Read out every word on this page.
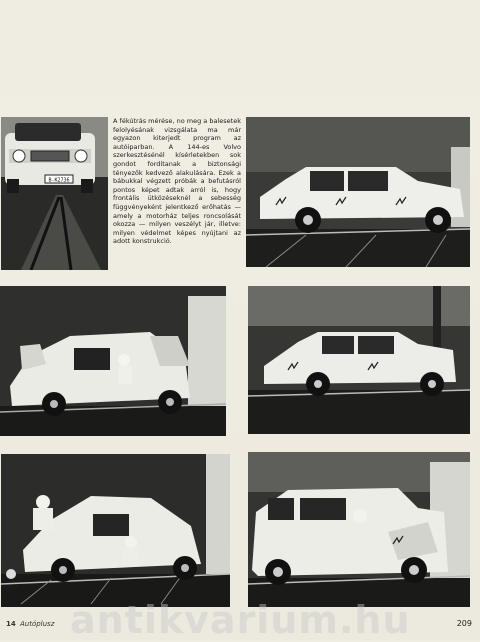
B-K2736

A fékútrás mérése, no meg a balesetek felolyésának vizsgálata ma már egyazon kiterjedt program az autóiparban. A 144-es Volvo szerkesztésénél kísérletekben sok gondot fordítanak a biztonsági tényezők kedvező alakulására. Ezek a bábukkal végzett próbák a befutásról pontos képet adtak arról is, hogy frontális ütközéseknél a sebesség függvényeként jelentkező erőhatás — amely a motorház teljes roncsolását okozza — milyen veszélyt jár, illetve: milyen védelmet képes nyújtani az adott konstrukció.

antikvarium.hu
14 Autóplusz	209
